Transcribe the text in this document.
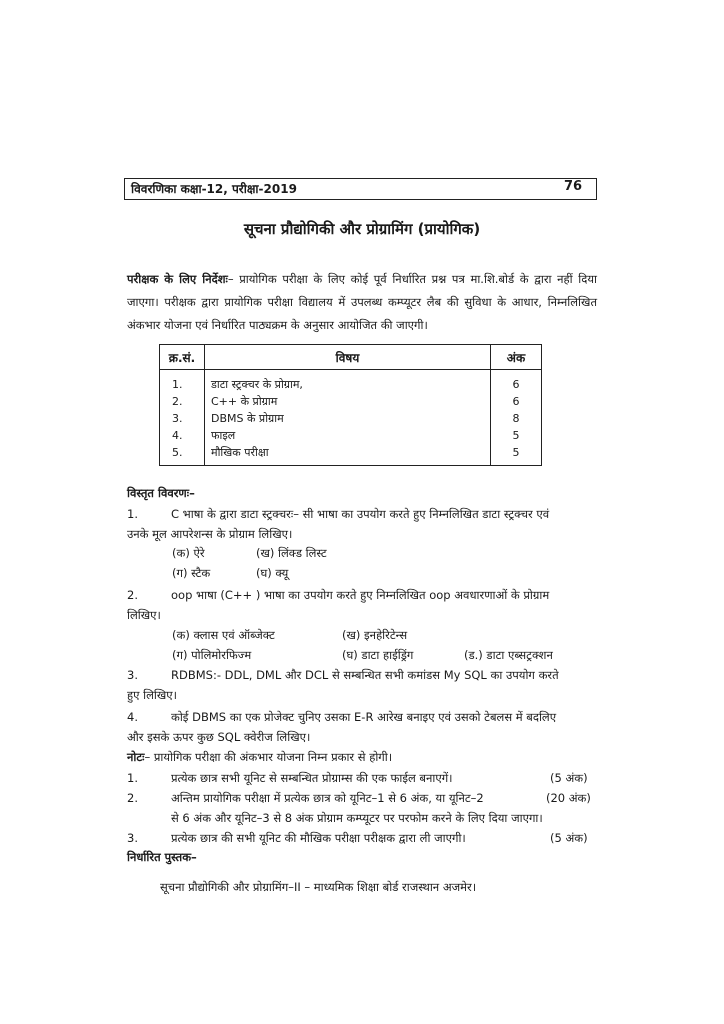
विवरणिका कक्षा-12, परीक्षा-2019	76
सूचना प्रौद्योगिकी और प्रोग्रामिंग (प्रायोगिक)
परीक्षक के लिए निर्देशः– प्रायोगिक परीक्षा के लिए कोई पूर्व निर्धारित प्रश्न पत्र मा.शि.बोर्ड के द्वारा नहीं दिया जाएगा। परीक्षक द्वारा प्रायोगिक परीक्षा विद्यालय में उपलब्ध कम्प्यूटर लैब की सुविधा के आधार, निम्नलिखित अंकभार योजना एवं निर्धारित पाठ्यक्रम के अनुसार आयोजित की जाएगी।
क्र.सं.	विषय	अंक
1.	डाटा स्ट्रक्चर के प्रोग्राम,	6
2.	C++ के प्रोग्राम	6
3.	DBMS के प्रोग्राम	8
4.	फाइल	5
5.	मौखिक परीक्षा	5
विस्तृत विवरणः–
1.	C भाषा के द्वारा डाटा स्ट्रक्चरः– सी भाषा का उपयोग करते हुए निम्नलिखित डाटा स्ट्रक्चर एवं
उनके मूल आपरेशन्स के प्रोग्राम लिखिए।
(क) ऐरे	(ख) लिंक्ड लिस्ट
(ग) स्टैक	(घ) क्यू
2.	oop भाषा (C++ ) भाषा का उपयोग करते हुए निम्नलिखित oop अवधारणाओं के प्रोग्राम
लिखिए।
(क) क्लास एवं ऑब्जेक्ट	(ख) इनहेरिटेन्स
(ग) पोलिमोरफिज्म	(घ) डाटा हाईड्रिंग	(ड.) डाटा एब्सट्रक्शन
3.	RDBMS:- DDL, DML और DCL से सम्बन्धित सभी कमांडस My SQL का उपयोग करते
हुए लिखिए।
4.	कोई DBMS का एक प्रोजेक्ट चुनिए उसका E-R आरेख बनाइए एवं उसको टेबलस में बदलिए
और इसके ऊपर कुछ SQL क्वेरीज लिखिए।
नोटः– प्रायोगिक परीक्षा की अंकभार योजना निम्न प्रकार से होगी।
1.	प्रत्येक छात्र सभी यूनिट से सम्बन्धित प्रोग्राम्स की एक फाईल बनाएगें।	(5 अंक)
2.	अन्तिम प्रायोगिक परीक्षा में प्रत्येक छात्र को यूनिट–1 से 6 अंक, या यूनिट–2	(20 अंक)
से 6 अंक और यूनिट–3 से 8 अंक प्रोग्राम कम्प्यूटर पर परफोम करने के लिए दिया जाएगा।
3.	प्रत्येक छात्र की सभी यूनिट की मौखिक परीक्षा परीक्षक द्वारा ली जाएगी।	(5 अंक)
निर्धारित पुस्तक–
सूचना प्रौद्योगिकी और प्रोग्रामिंग–II – माध्यमिक शिक्षा बोर्ड राजस्थान अजमेर।
